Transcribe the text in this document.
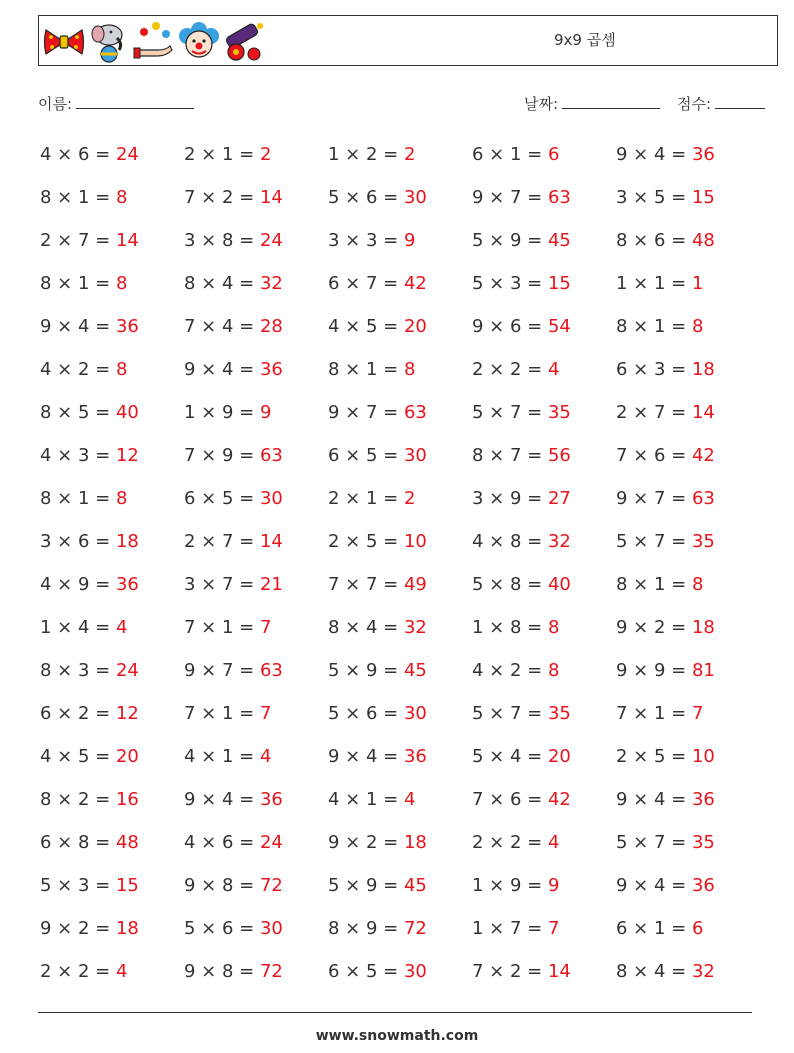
9x9 곱셈
이름:	날짜:	점수:
4 × 6 = 24	2 × 1 = 2	1 × 2 = 2	6 × 1 = 6	9 × 4 = 36
8 × 1 = 8	7 × 2 = 14	5 × 6 = 30	9 × 7 = 63	3 × 5 = 15
2 × 7 = 14	3 × 8 = 24	3 × 3 = 9	5 × 9 = 45	8 × 6 = 48
8 × 1 = 8	8 × 4 = 32	6 × 7 = 42	5 × 3 = 15	1 × 1 = 1
9 × 4 = 36	7 × 4 = 28	4 × 5 = 20	9 × 6 = 54	8 × 1 = 8
4 × 2 = 8	9 × 4 = 36	8 × 1 = 8	2 × 2 = 4	6 × 3 = 18
8 × 5 = 40	1 × 9 = 9	9 × 7 = 63	5 × 7 = 35	2 × 7 = 14
4 × 3 = 12	7 × 9 = 63	6 × 5 = 30	8 × 7 = 56	7 × 6 = 42
8 × 1 = 8	6 × 5 = 30	2 × 1 = 2	3 × 9 = 27	9 × 7 = 63
3 × 6 = 18	2 × 7 = 14	2 × 5 = 10	4 × 8 = 32	5 × 7 = 35
4 × 9 = 36	3 × 7 = 21	7 × 7 = 49	5 × 8 = 40	8 × 1 = 8
1 × 4 = 4	7 × 1 = 7	8 × 4 = 32	1 × 8 = 8	9 × 2 = 18
8 × 3 = 24	9 × 7 = 63	5 × 9 = 45	4 × 2 = 8	9 × 9 = 81
6 × 2 = 12	7 × 1 = 7	5 × 6 = 30	5 × 7 = 35	7 × 1 = 7
4 × 5 = 20	4 × 1 = 4	9 × 4 = 36	5 × 4 = 20	2 × 5 = 10
8 × 2 = 16	9 × 4 = 36	4 × 1 = 4	7 × 6 = 42	9 × 4 = 36
6 × 8 = 48	4 × 6 = 24	9 × 2 = 18	2 × 2 = 4	5 × 7 = 35
5 × 3 = 15	9 × 8 = 72	5 × 9 = 45	1 × 9 = 9	9 × 4 = 36
9 × 2 = 18	5 × 6 = 30	8 × 9 = 72	1 × 7 = 7	6 × 1 = 6
2 × 2 = 4	9 × 8 = 72	6 × 5 = 30	7 × 2 = 14	8 × 4 = 32
www.snowmath.com
